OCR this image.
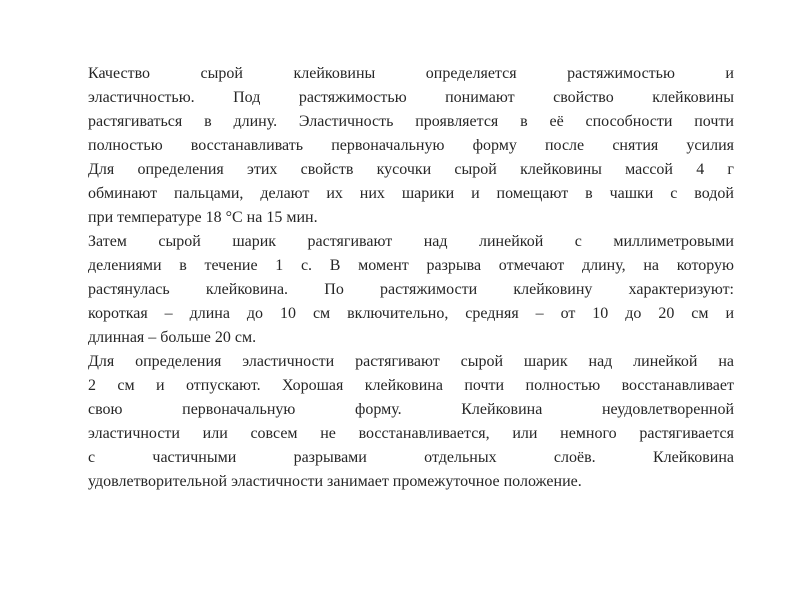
Качество сырой клейковины определяется растяжимостью и
эластичностью. Под растяжимостью понимают свойство клейковины
растягиваться в длину. Эластичность проявляется в её способности почти
полностью восстанавливать первоначальную форму после снятия усилия
Для определения этих свойств кусочки сырой клейковины массой 4 г
обминают пальцами, делают их них шарики и помещают в чашки с водой
при температуре 18 °С на 15 мин.
Затем сырой шарик растягивают над линейкой с миллиметровыми
делениями в течение 1 с. В момент разрыва отмечают длину, на которую
растянулась клейковина. По растяжимости клейковину характеризуют:
короткая – длина до 10 см включительно, средняя – от 10 до 20 см и
длинная – больше 20 см.
Для определения эластичности растягивают сырой шарик над линейкой на
2 см и отпускают. Хорошая клейковина почти полностью восстанавливает
свою первоначальную форму. Клейковина неудовлетворенной
эластичности или совсем не восстанавливается, или немного растягивается
с частичными разрывами отдельных слоёв. Клейковина
удовлетворительной эластичности занимает промежуточное положение.
